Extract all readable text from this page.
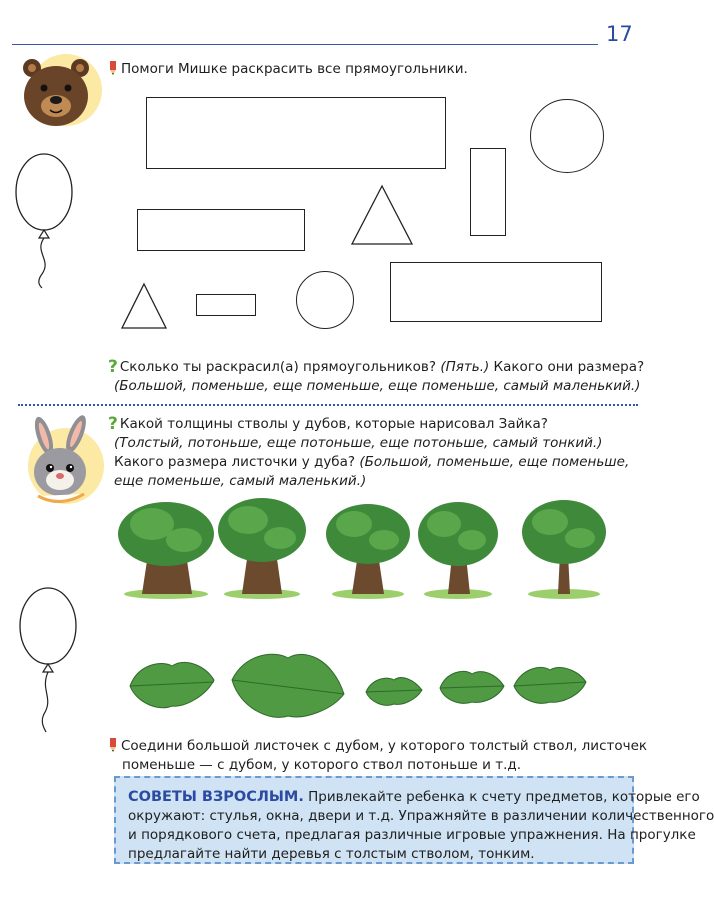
17
Помоги Мишке раскрасить все прямоугольники.
? Сколько ты раскрасил(а) прямоугольников? (Пять.) Какого они размера?
(Большой, поменьше, еще поменьше, еще поменьше, самый маленький.)
? Какой толщины стволы у дубов, которые нарисовал Зайка?
(Толстый, потоньше, еще потоньше, еще потоньше, самый тонкий.)
Какого размера листочки у дуба? (Большой, поменьше, еще поменьше,
еще поменьше, самый маленький.)
Соедини большой листочек с дубом, у которого толстый ствол, листочек
поменьше — с дубом, у которого ствол потоньше и т.д.
СОВЕТЫ ВЗРОСЛЫМ. Привлекайте ребенка к счету предметов, которые его
окружают: стулья, окна, двери и т.д. Упражняйте в различении количественного
и порядкового счета, предлагая различные игровые упражнения. На прогулке
предлагайте найти деревья с толстым стволом, тонким.
